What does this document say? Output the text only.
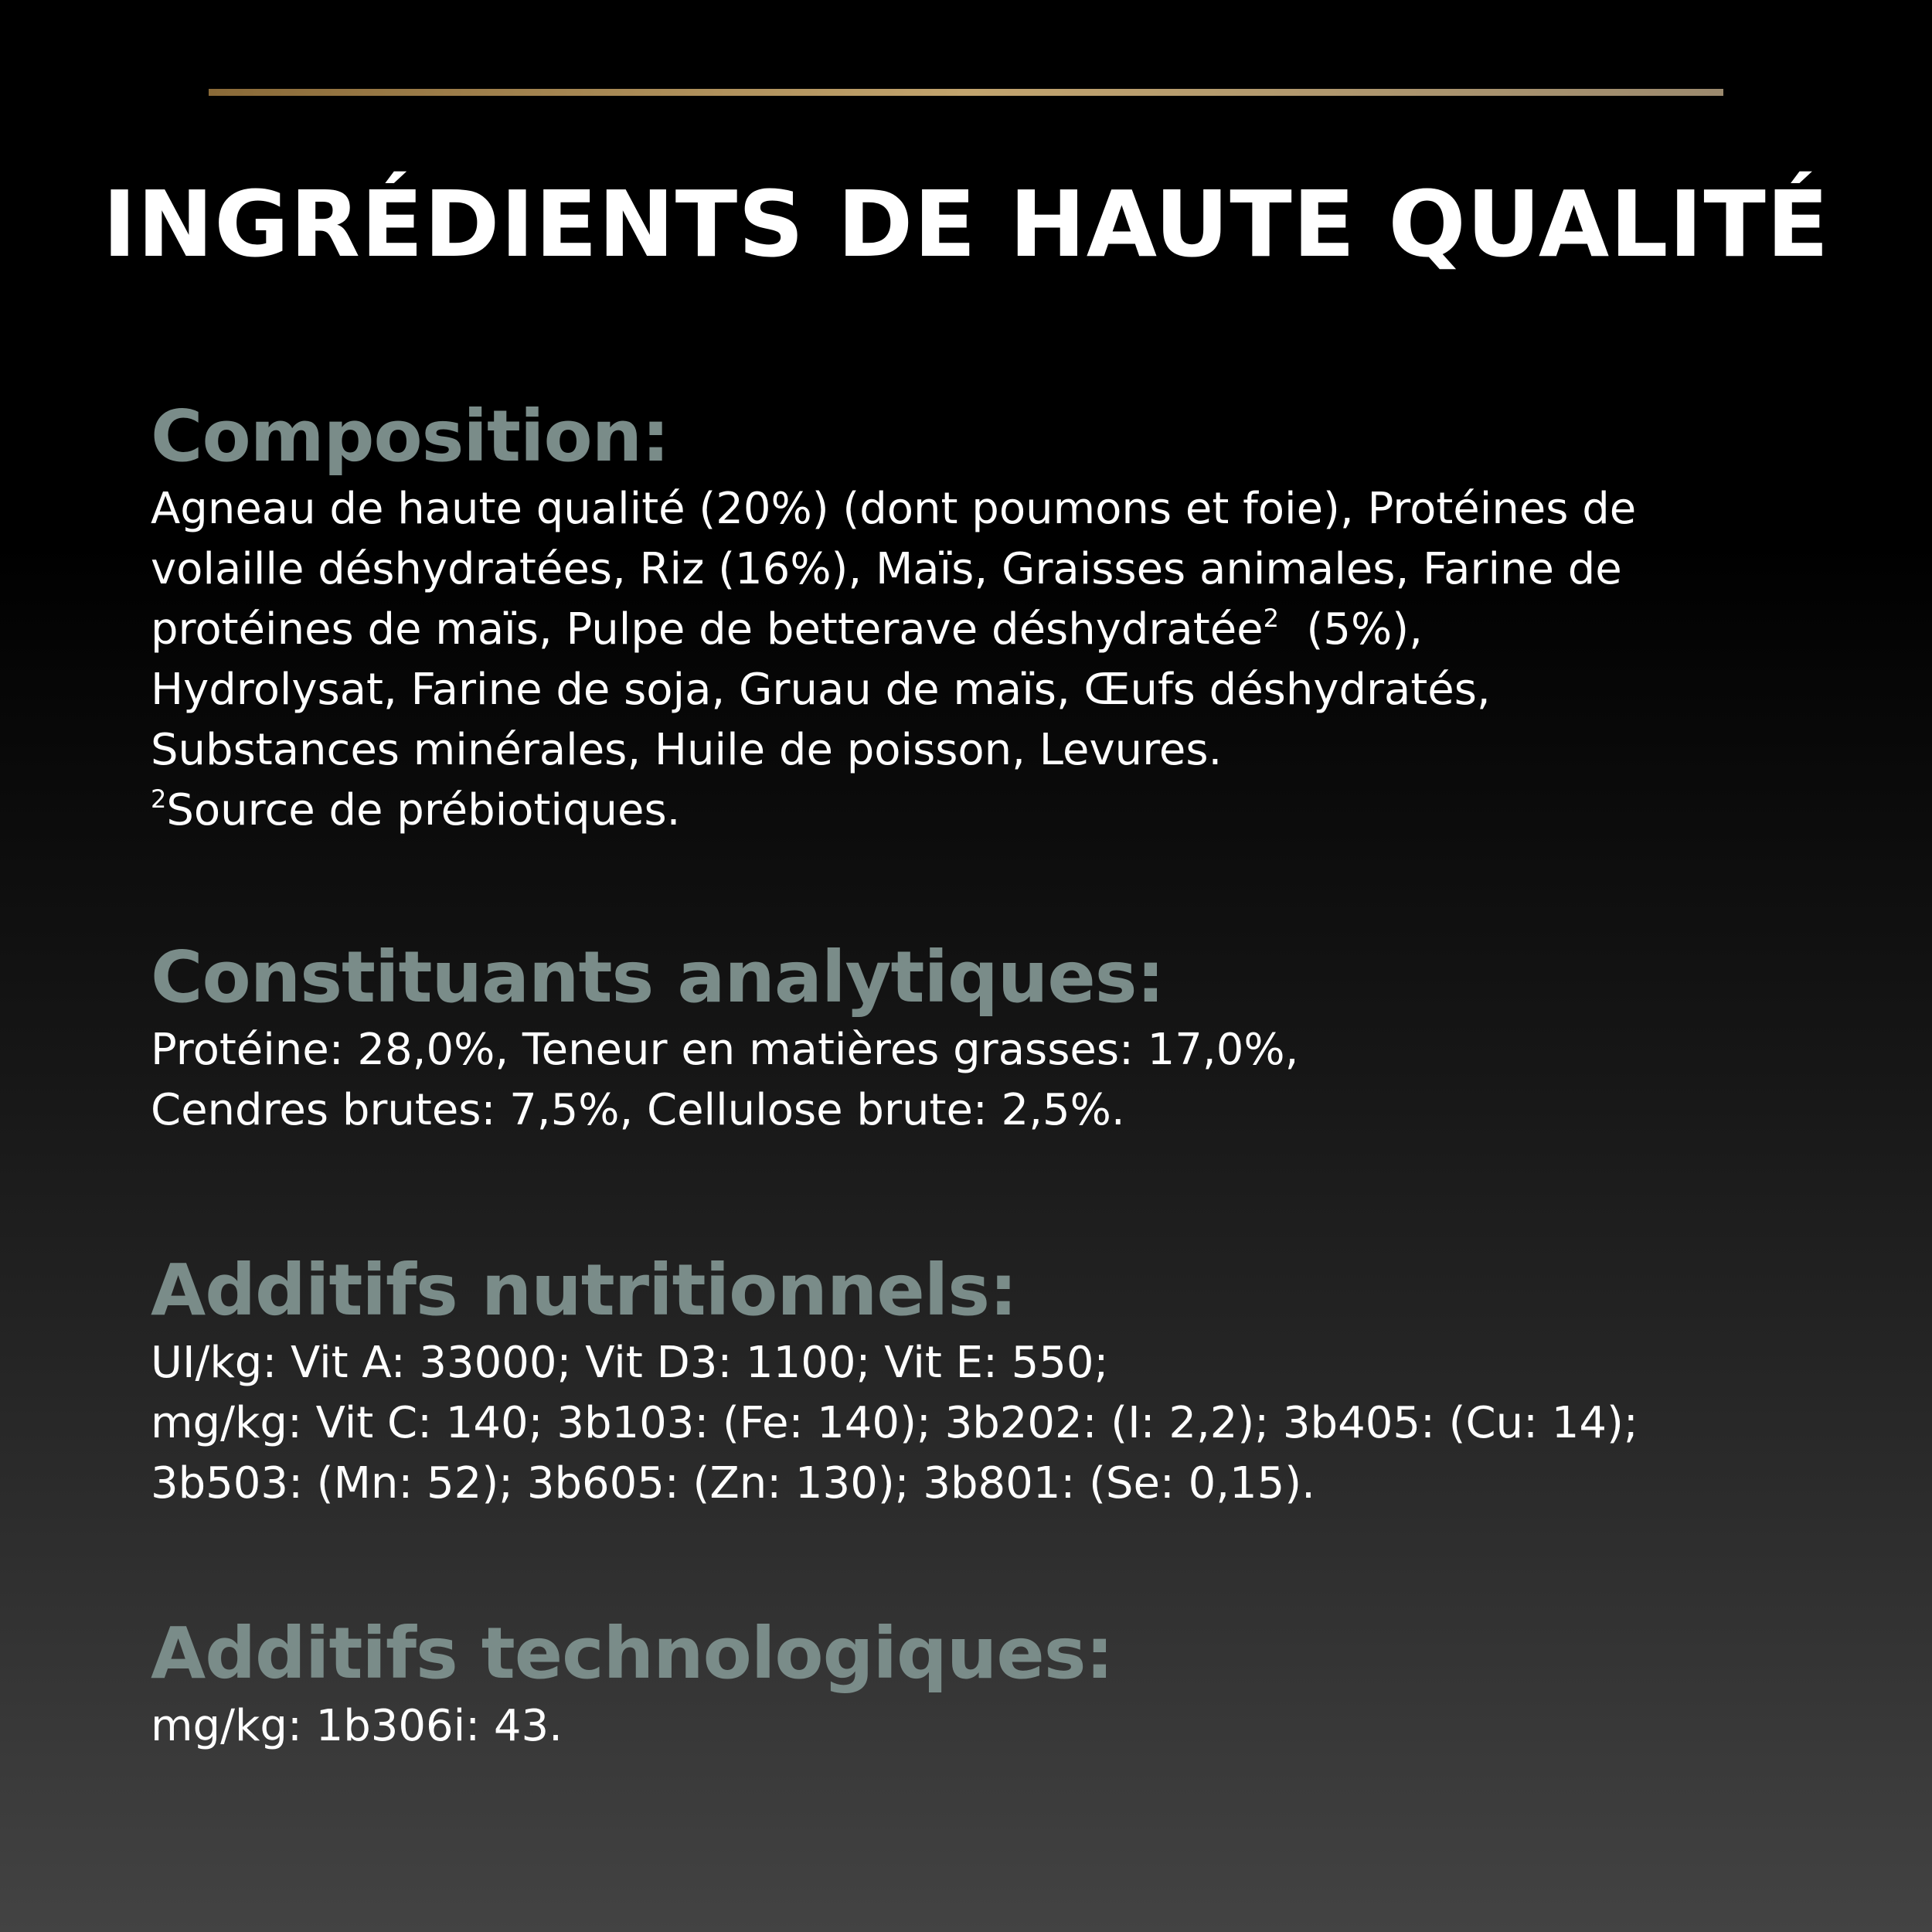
INGRÉDIENTS DE HAUTE QUALITÉ
Composition:
Agneau de haute qualité (20%) (dont poumons et foie), Protéines de
volaille déshydratées, Riz (16%), Maïs, Graisses animales, Farine de
protéines de maïs, Pulpe de betterave déshydratée$^2$  (5%),
Hydrolysat, Farine de soja, Gruau de maïs, Œufs déshydratés,
Substances minérales, Huile de poisson, Levures.
$^2$Source de prébiotiques.
Constituants analytiques:
Protéine: 28,0%, Teneur en matières grasses: 17,0%,
Cendres brutes: 7,5%, Cellulose brute: 2,5%.
Additifs nutritionnels:
UI/kg: Vit A: 33000; Vit D3: 1100; Vit E: 550;
mg/kg: Vit C: 140; 3b103: (Fe: 140); 3b202: (I: 2,2); 3b405: (Cu: 14);
3b503: (Mn: 52); 3b605: (Zn: 130); 3b801: (Se: 0,15).
Additifs technologiques:
mg/kg: 1b306i: 43.
